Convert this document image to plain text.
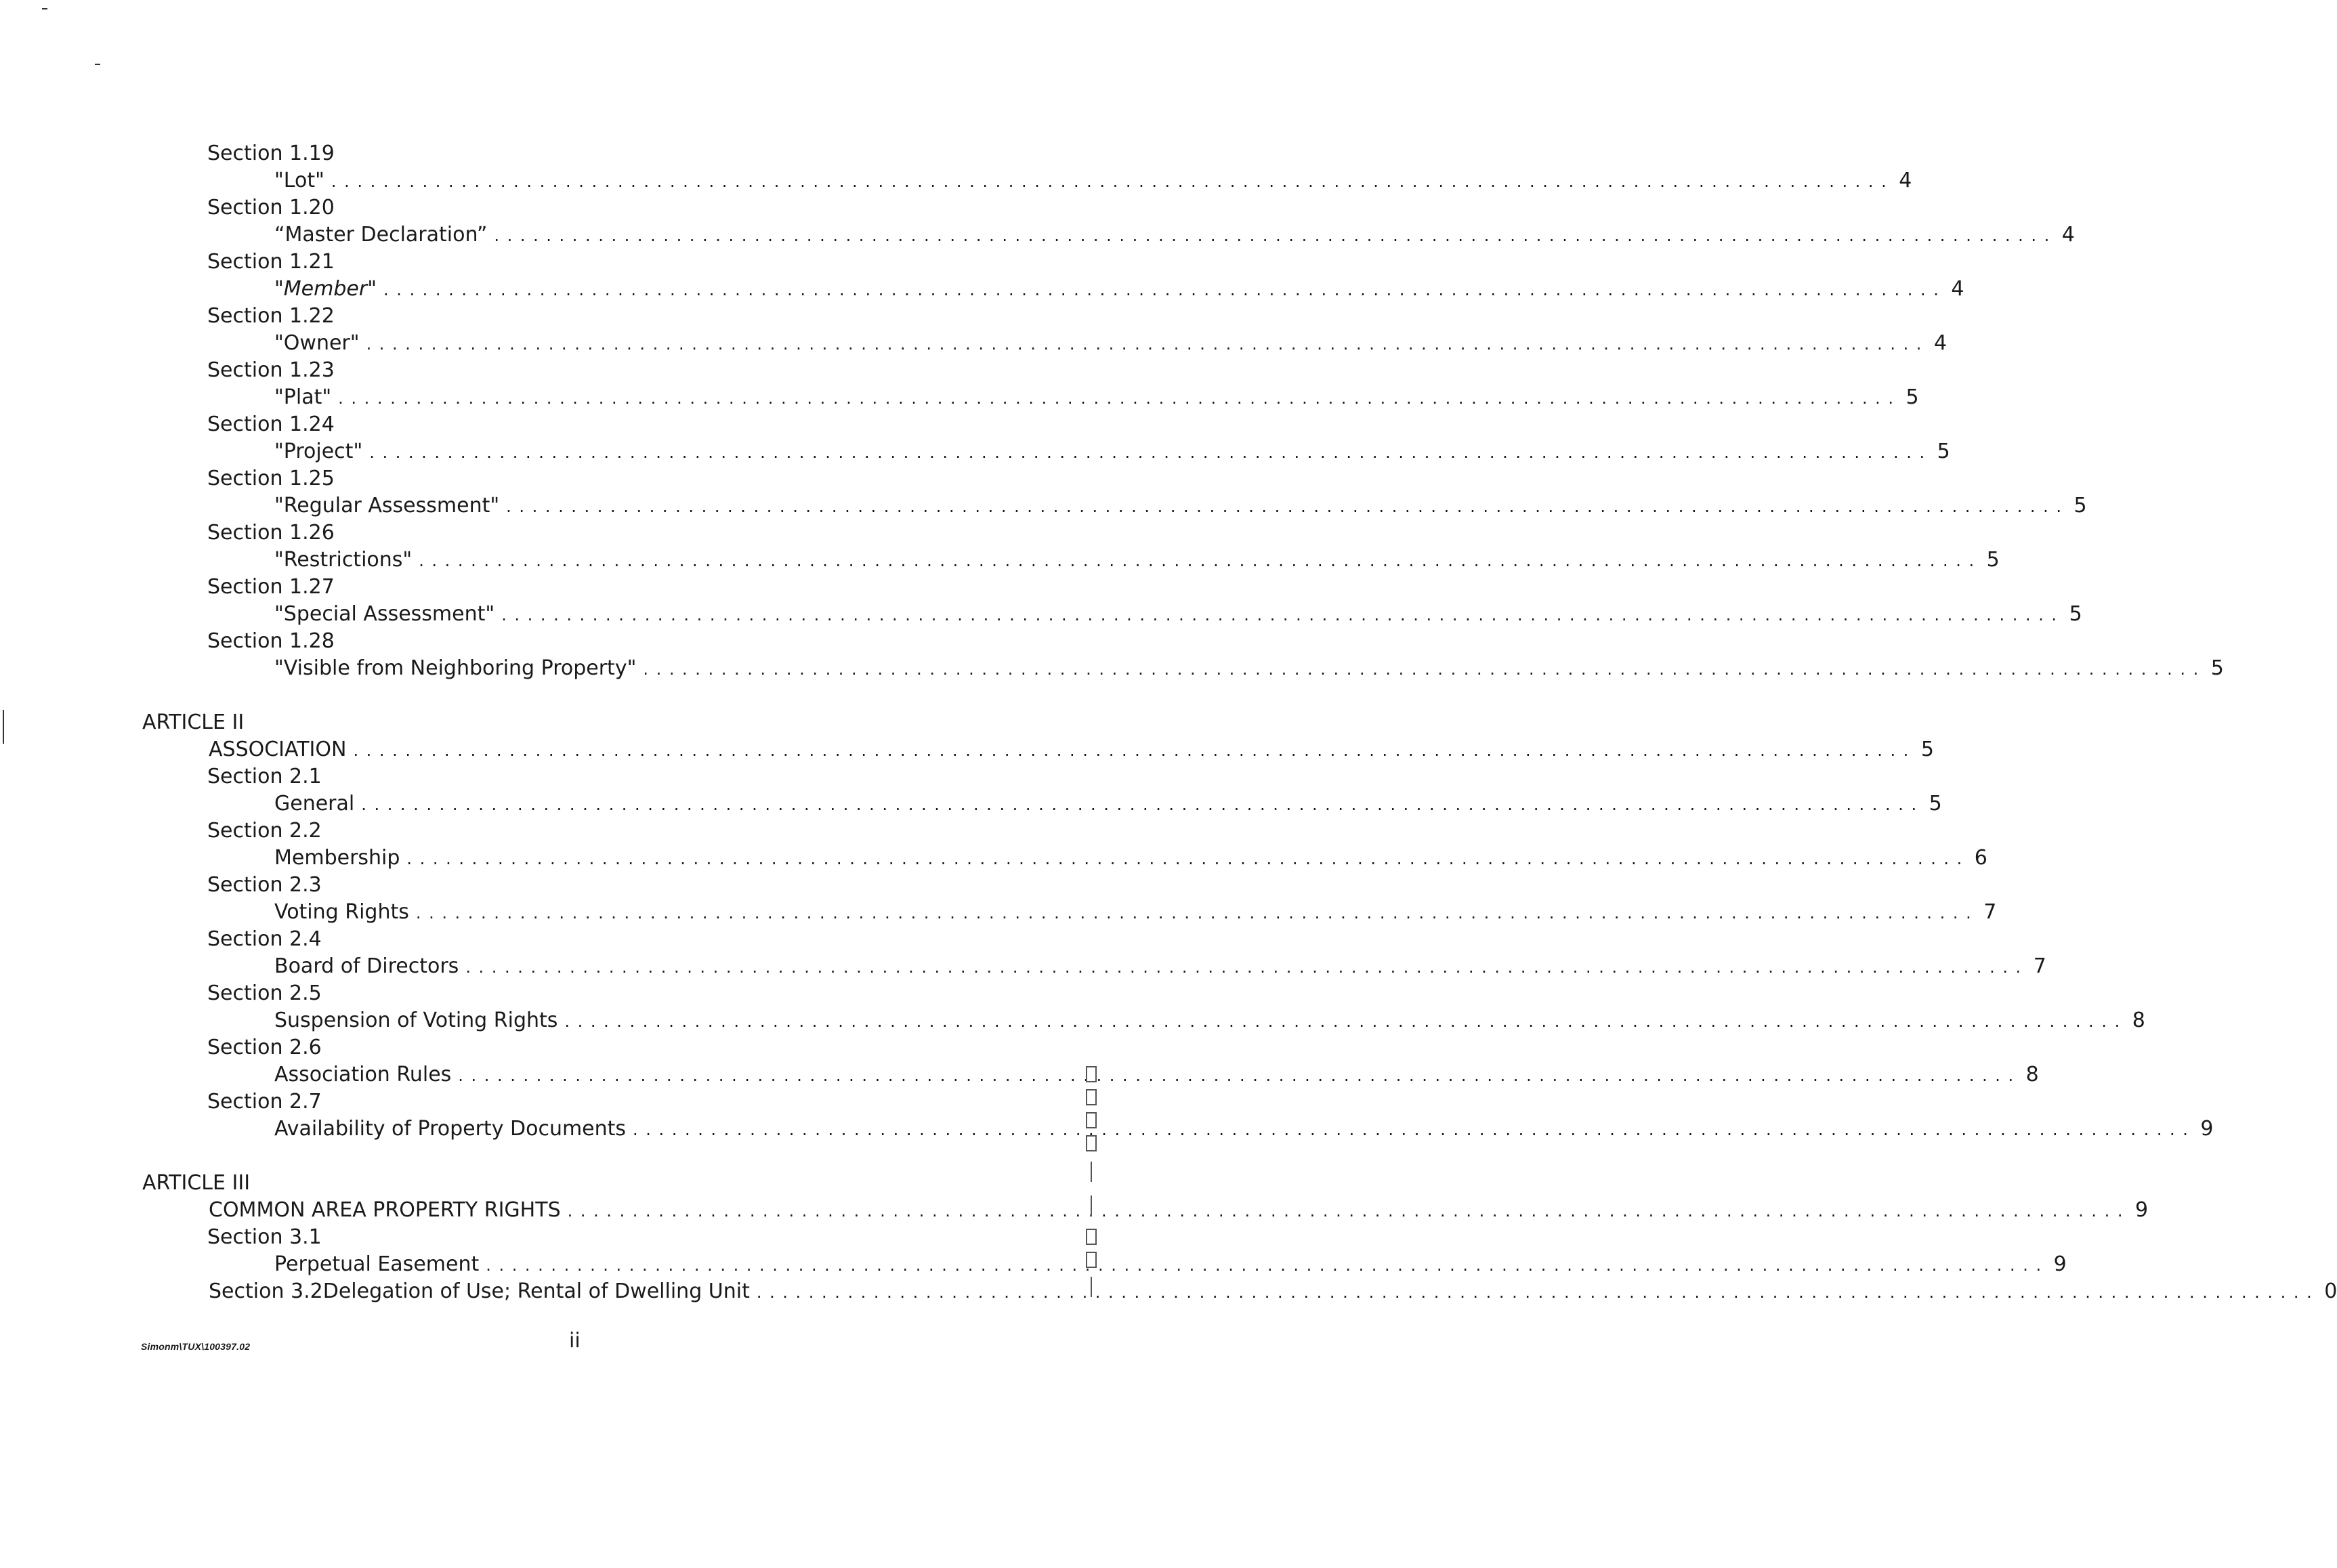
Section 1.19
"Lot" ........................................................................................................................ 4
Section 1.20
“Master Declaration” ........................................................................................................................ 4
Section 1.21
"Member" ........................................................................................................................ 4
Section 1.22
"Owner" ........................................................................................................................ 4
Section 1.23
"Plat" ........................................................................................................................ 5
Section 1.24
"Project" ........................................................................................................................ 5
Section 1.25
"Regular Assessment" ........................................................................................................................ 5
Section 1.26
"Restrictions" ........................................................................................................................ 5
Section 1.27
"Special Assessment" ........................................................................................................................ 5
Section 1.28
"Visible from Neighboring Property" ........................................................................................................................ 5
ARTICLE II
ASSOCIATION ........................................................................................................................ 5
Section 2.1
General ........................................................................................................................ 5
Section 2.2
Membership ........................................................................................................................ 6
Section 2.3
Voting Rights ........................................................................................................................ 7
Section 2.4
Board of Directors ........................................................................................................................ 7
Section 2.5
Suspension of Voting Rights ........................................................................................................................ 8
Section 2.6
Association Rules ........................................................................................................................ 8
Section 2.7
Availability of Property Documents ........................................................................................................................ 9
ARTICLE III
COMMON AREA PROPERTY RIGHTS ........................................................................................................................ 9
Section 3.1
Perpetual Easement ........................................................................................................................ 9
Section 3.2 Delegation of Use; Rental of Dwelling Unit ........................................................................................................................ 0
Simonm\TUX\100397.02	ii
